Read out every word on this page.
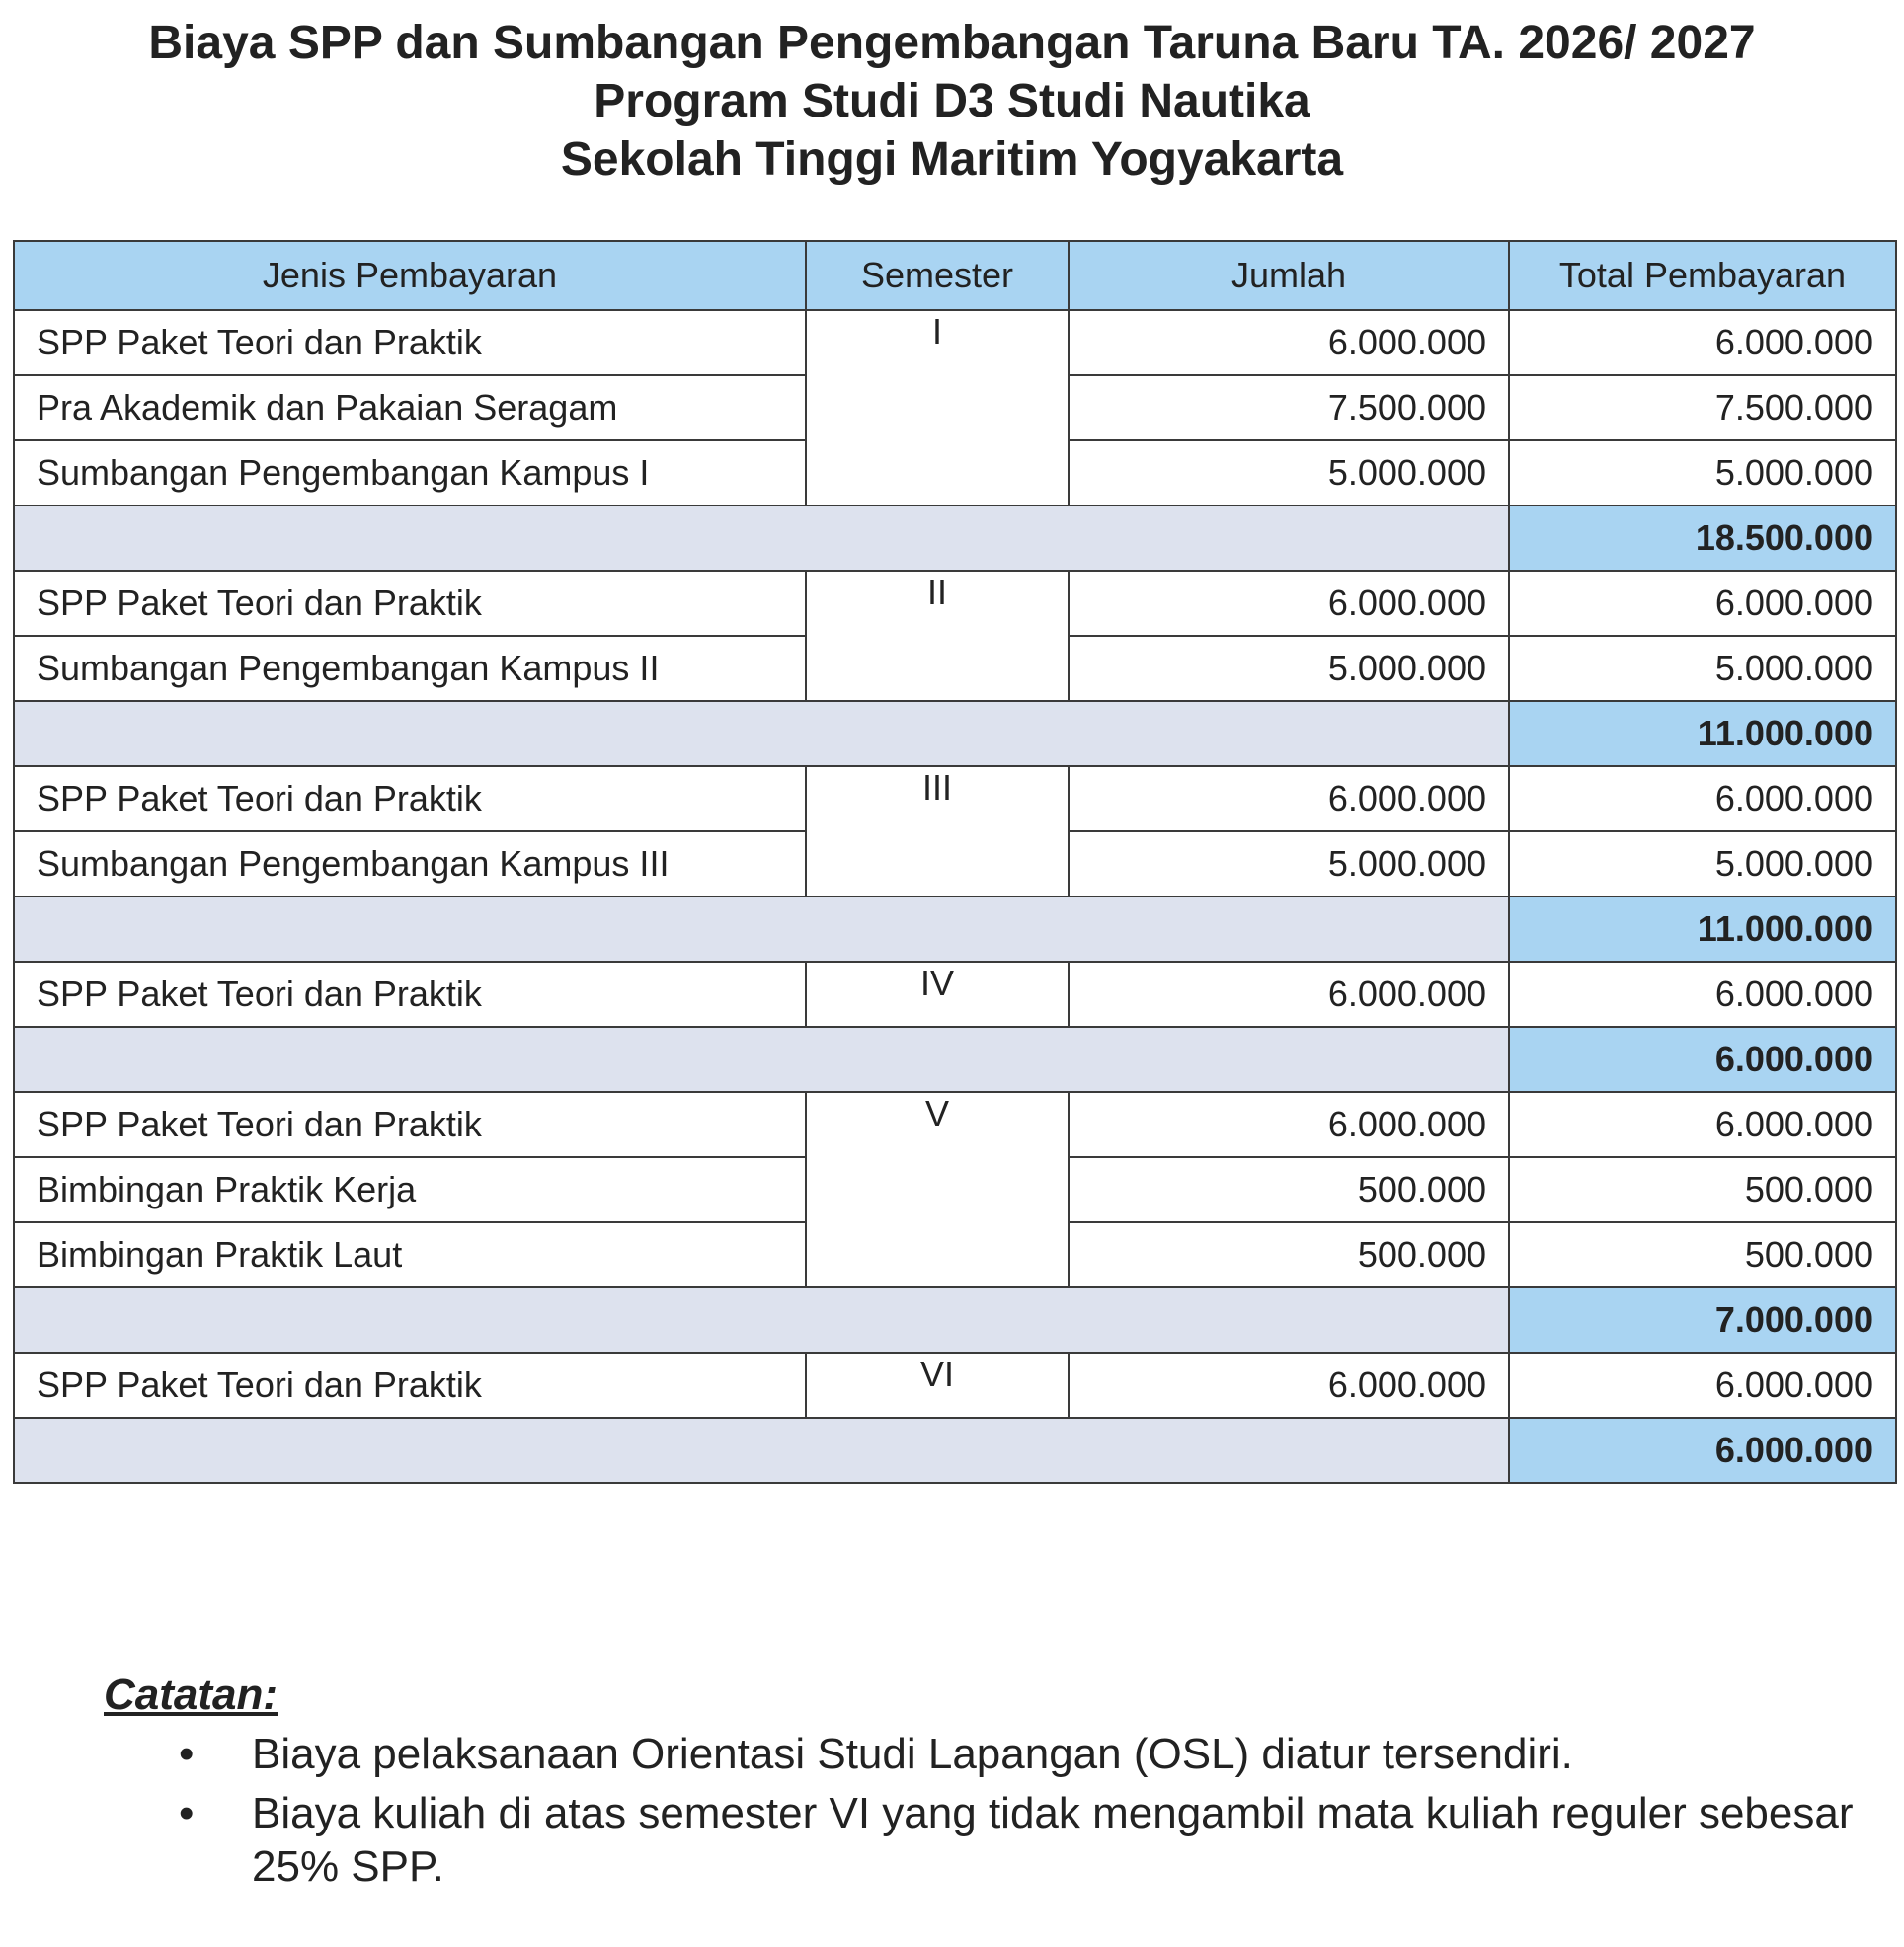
Biaya SPP dan Sumbangan Pengembangan Taruna Baru TA. 2026/ 2027
Program Studi D3 Studi Nautika
Sekolah Tinggi Maritim Yogyakarta
Jenis Pembayaran	Semester	Jumlah	Total Pembayaran
SPP Paket Teori dan Praktik	I	6.000.000	6.000.000
Pra Akademik dan Pakaian Seragam		7.500.000	7.500.000
Sumbangan Pengembangan Kampus I		5.000.000	5.000.000
			18.500.000
SPP Paket Teori dan Praktik	II	6.000.000	6.000.000
Sumbangan Pengembangan Kampus II		5.000.000	5.000.000
			11.000.000
SPP Paket Teori dan Praktik	III	6.000.000	6.000.000
Sumbangan Pengembangan Kampus III		5.000.000	5.000.000
			11.000.000
SPP Paket Teori dan Praktik	IV	6.000.000	6.000.000
			6.000.000
SPP Paket Teori dan Praktik	V	6.000.000	6.000.000
Bimbingan Praktik Kerja		500.000	500.000
Bimbingan Praktik Laut		500.000	500.000
			7.000.000
SPP Paket Teori dan Praktik	VI	6.000.000	6.000.000
			6.000.000
Catatan:
• Biaya pelaksanaan Orientasi Studi Lapangan (OSL) diatur tersendiri.
• Biaya kuliah di atas semester VI yang tidak mengambil mata kuliah reguler sebesar 25% SPP.
